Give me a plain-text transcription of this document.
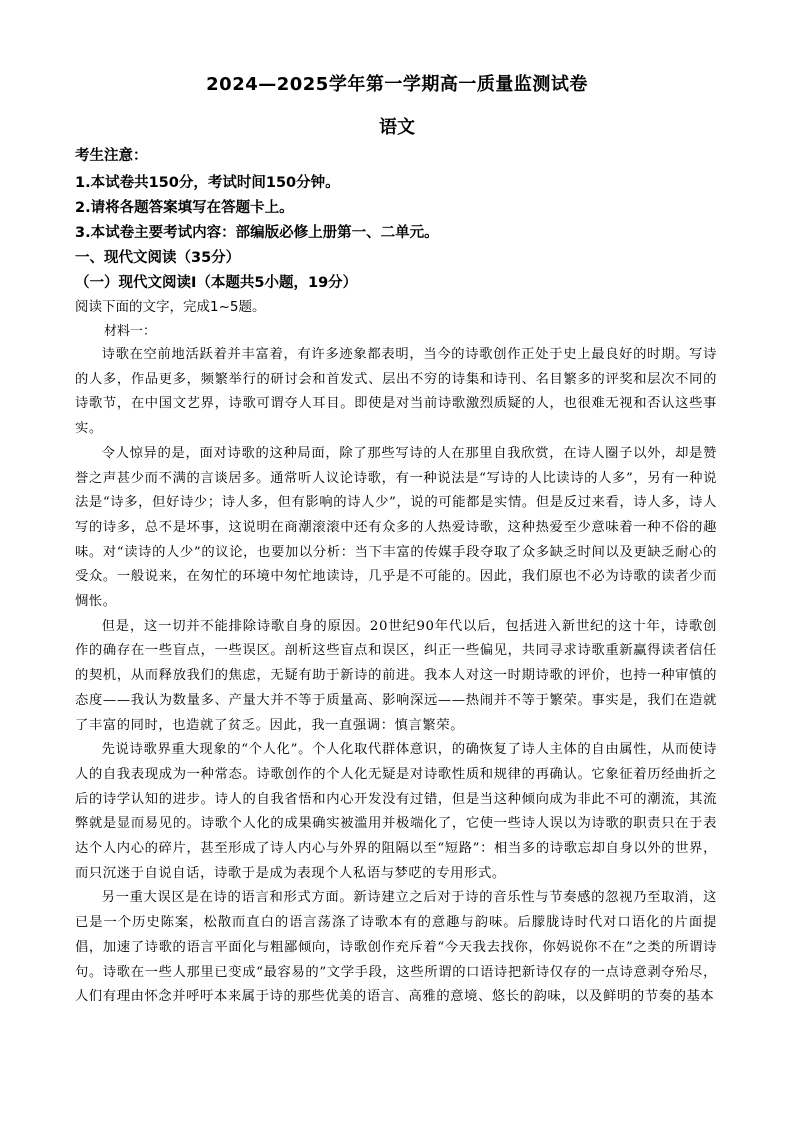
2024—2025学年第一学期高一质量监测试卷
语文
考生注意：
1.本试卷共150分，考试时间150分钟。
2.请将各题答案填写在答题卡上。
3.本试卷主要考试内容：部编版必修上册第一、二单元。
一、现代文阅读（35分）
（一）现代文阅读Ⅰ（本题共5小题，19分）
阅读下面的文字，完成1~5题。
材料一：

诗歌在空前地活跃着并丰富着，有许多迹象都表明，当今的诗歌创作正处于史上最良好的时期。写诗的人多，作品更多，频繁举行的研讨会和首发式、层出不穷的诗集和诗刊、名目繁多的评奖和层次不同的诗歌节，在中国文艺界，诗歌可谓夺人耳目。即使是对当前诗歌激烈质疑的人，也很难无视和否认这些事实。

令人惊异的是，面对诗歌的这种局面，除了那些写诗的人在那里自我欣赏，在诗人圈子以外，却是赞誉之声甚少而不满的言谈居多。通常听人议论诗歌，有一种说法是“写诗的人比读诗的人多”，另有一种说法是“诗多，但好诗少；诗人多，但有影响的诗人少”，说的可能都是实情。但是反过来看，诗人多，诗人写的诗多，总不是坏事，这说明在商潮滚滚中还有众多的人热爱诗歌，这种热爱至少意味着一种不俗的趣味。对“读诗的人少”的议论，也要加以分析：当下丰富的传媒手段夺取了众多缺乏时间以及更缺乏耐心的受众。一般说来，在匆忙的环境中匆忙地读诗，几乎是不可能的。因此，我们原也不必为诗歌的读者少而惆怅。

但是，这一切并不能排除诗歌自身的原因。20世纪90年代以后，包括进入新世纪的这十年，诗歌创作的确存在一些盲点，一些误区。剖析这些盲点和误区，纠正一些偏见，共同寻求诗歌重新赢得读者信任的契机，从而释放我们的焦虑，无疑有助于新诗的前进。我本人对这一时期诗歌的评价，也持一种审慎的态度——我认为数量多、产量大并不等于质量高、影响深远——热闹并不等于繁荣。事实是，我们在造就了丰富的同时，也造就了贫乏。因此，我一直强调：慎言繁荣。

先说诗歌界重大现象的“个人化”。个人化取代群体意识，的确恢复了诗人主体的自由属性，从而使诗人的自我表现成为一种常态。诗歌创作的个人化无疑是对诗歌性质和规律的再确认。它象征着历经曲折之后的诗学认知的进步。诗人的自我省悟和内心开发没有过错，但是当这种倾向成为非此不可的潮流，其流弊就是显而易见的。诗歌个人化的成果确实被滥用并极端化了，它使一些诗人误以为诗歌的职责只在于表达个人内心的碎片，甚至形成了诗人内心与外界的阻隔以至“短路”：相当多的诗歌忘却自身以外的世界，而只沉迷于自说自话，诗歌于是成为表现个人私语与梦呓的专用形式。

另一重大误区是在诗的语言和形式方面。新诗建立之后对于诗的音乐性与节奏感的忽视乃至取消，这已是一个历史陈案，松散而直白的语言荡涤了诗歌本有的意趣与韵味。后朦胧诗时代对口语化的片面提倡，加速了诗歌的语言平面化与粗鄙倾向，诗歌创作充斥着“今天我去找你，你妈说你不在”之类的所谓诗句。诗歌在一些人那里已变成“最容易的”文学手段，这些所谓的口语诗把新诗仅存的一点诗意剥夺殆尽，人们有理由怀念并呼吁本来属于诗的那些优美的语言、高雅的意境、悠长的韵味，以及鲜明的节奏的基本
